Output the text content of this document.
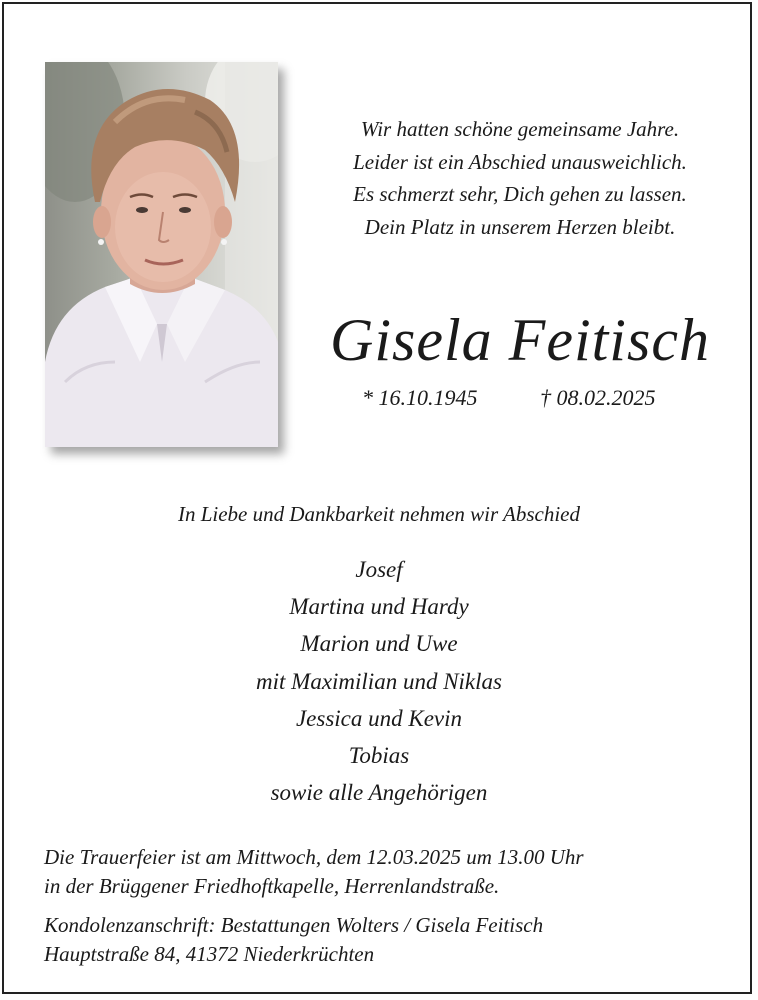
Wir hatten schöne gemeinsame Jahre.
Leider ist ein Abschied unausweichlich.
Es schmerzt sehr, Dich gehen zu lassen.
Dein Platz in unserem Herzen bleibt.
Gisela Feitisch
* 16.10.1945	† 08.02.2025
In Liebe und Dankbarkeit nehmen wir Abschied
Josef
Martina und Hardy
Marion und Uwe
mit Maximilian und Niklas
Jessica und Kevin
Tobias
sowie alle Angehörigen
Die Trauerfeier ist am Mittwoch, dem 12.03.2025 um 13.00 Uhr
in der Brüggener Friedhoftkapelle, Herrenlandstraße.
Kondolenzanschrift: Bestattungen Wolters / Gisela Feitisch
Hauptstraße 84, 41372 Niederkrüchten
